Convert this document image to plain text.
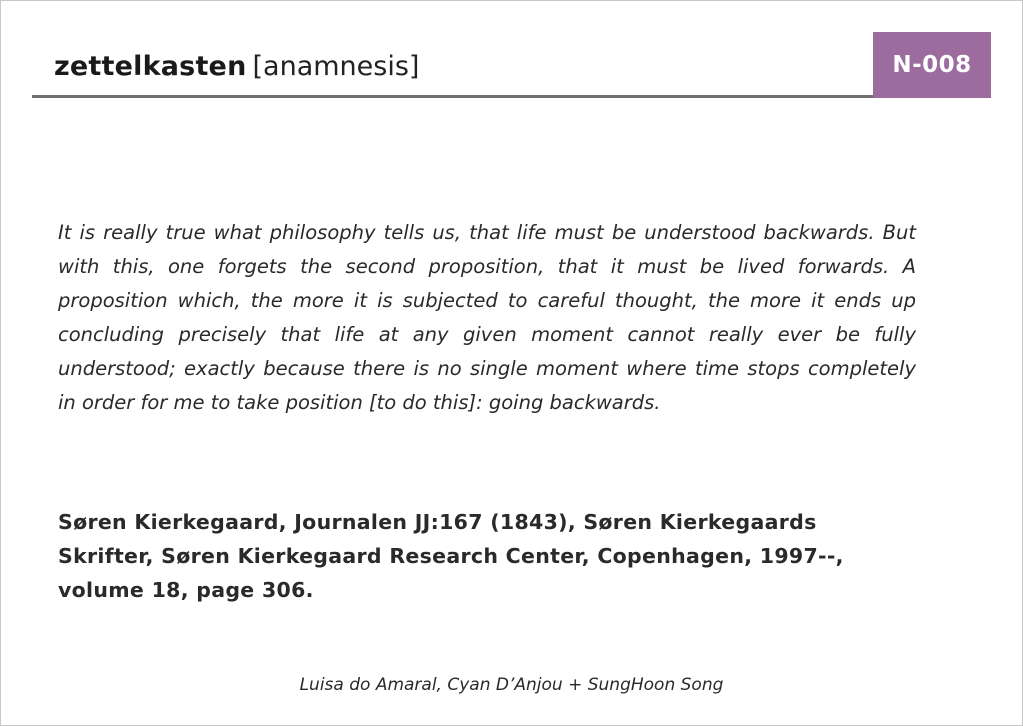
zettelkasten [anamnesis]	N-008

It is really true what philosophy tells us, that life must be understood backwards. But with this, one forgets the second proposition, that it must be lived forwards. A proposition which, the more it is subjected to careful thought, the more it ends up concluding precisely that life at any given moment cannot really ever be fully understood; exactly because there is no single moment where time stops completely in order for me to take position [to do this]: going backwards.

Søren Kierkegaard, Journalen JJ:167 (1843), Søren Kierkegaards Skrifter, Søren Kierkegaard Research Center, Copenhagen, 1997--, volume 18, page 306.

Luisa do Amaral, Cyan D’Anjou + SungHoon Song
